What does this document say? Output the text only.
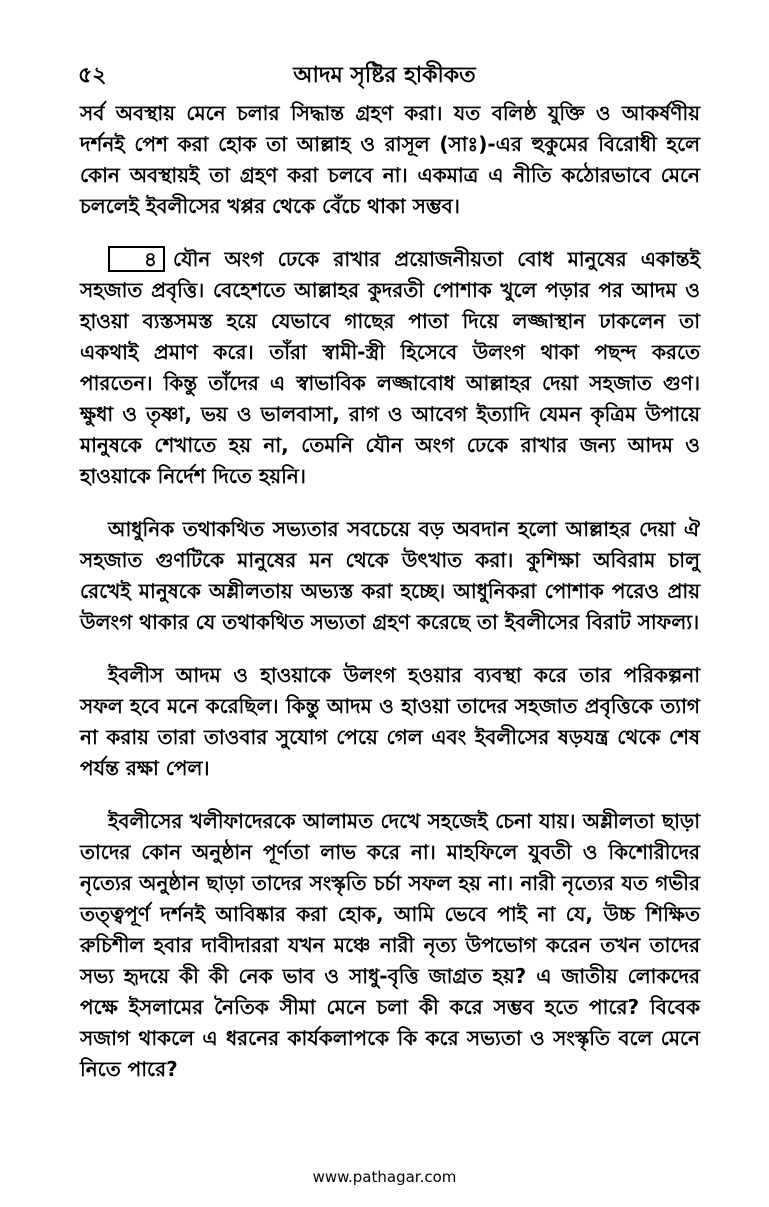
৫২	আদম সৃষ্টির হাকীকত

সর্ব অবস্থায় মেনে চলার সিদ্ধান্ত গ্রহণ করা। যত বলিষ্ঠ যুক্তি ও আকর্ষণীয় দর্শনই পেশ করা হোক তা আল্লাহ ও রাসূল (সাঃ)-এর হুকুমের বিরোধী হলে কোন অবস্থায়ই তা গ্রহণ করা চলবে না। একমাত্র এ নীতি কঠোরভাবে মেনে চললেই ইবলীসের খপ্পর থেকে বেঁচে থাকা সম্ভব।

৪ যৌন অংগ ঢেকে রাখার প্রয়োজনীয়তা বোধ মানুষের একান্তই সহজাত প্রবৃত্তি। বেহেশতে আল্লাহর কুদরতী পোশাক খুলে পড়ার পর আদম ও হাওয়া ব্যস্তসমস্ত হয়ে যেভাবে গাছের পাতা দিয়ে লজ্জাস্থান ঢাকলেন তা একথাই প্রমাণ করে। তাঁরা স্বামী-স্ত্রী হিসেবে উলংগ থাকা পছন্দ করতে পারতেন। কিন্তু তাঁদের এ স্বাভাবিক লজ্জাবোধ আল্লাহর দেয়া সহজাত গুণ। ক্ষুধা ও তৃষ্ণা, ভয় ও ভালবাসা, রাগ ও আবেগ ইত্যাদি যেমন কৃত্রিম উপায়ে মানুষকে শেখাতে হয় না, তেমনি যৌন অংগ ঢেকে রাখার জন্য আদম ও হাওয়াকে নির্দেশ দিতে হয়নি।

আধুনিক তথাকথিত সভ্যতার সবচেয়ে বড় অবদান হলো আল্লাহর দেয়া ঐ সহজাত গুণটিকে মানুষের মন থেকে উৎখাত করা। কুশিক্ষা অবিরাম চালু রেখেই মানুষকে অশ্লীলতায় অভ্যস্ত করা হচ্ছে। আধুনিকরা পোশাক পরেও প্রায় উলংগ থাকার যে তথাকথিত সভ্যতা গ্রহণ করেছে তা ইবলীসের বিরাট সাফল্য।

ইবলীস আদম ও হাওয়াকে উলংগ হওয়ার ব্যবস্থা করে তার পরিকল্পনা সফল হবে মনে করেছিল। কিন্তু আদম ও হাওয়া তাদের সহজাত প্রবৃত্তিকে ত্যাগ না করায় তারা তাওবার সুযোগ পেয়ে গেল এবং ইবলীসের ষড়যন্ত্র থেকে শেষ পর্যন্ত রক্ষা পেল।

ইবলীসের খলীফাদেরকে আলামত দেখে সহজেই চেনা যায়। অশ্লীলতা ছাড়া তাদের কোন অনুষ্ঠান পূর্ণতা লাভ করে না। মাহফিলে যুবতী ও কিশোরীদের নৃত্যের অনুষ্ঠান ছাড়া তাদের সংস্কৃতি চর্চা সফল হয় না। নারী নৃত্যের যত গভীর তত্ত্বপূর্ণ দর্শনই আবিষ্কার করা হোক, আমি ভেবে পাই না যে, উচ্চ শিক্ষিত রুচিশীল হবার দাবীদাররা যখন মঞ্চে নারী নৃত্য উপভোগ করেন তখন তাদের সভ্য হৃদয়ে কী কী নেক ভাব ও সাধু-বৃত্তি জাগ্রত হয়? এ জাতীয় লোকদের পক্ষে ইসলামের নৈতিক সীমা মেনে চলা কী করে সম্ভব হতে পারে? বিবেক সজাগ থাকলে এ ধরনের কার্যকলাপকে কি করে সভ্যতা ও সংস্কৃতি বলে মেনে নিতে পারে?

www.pathagar.com
